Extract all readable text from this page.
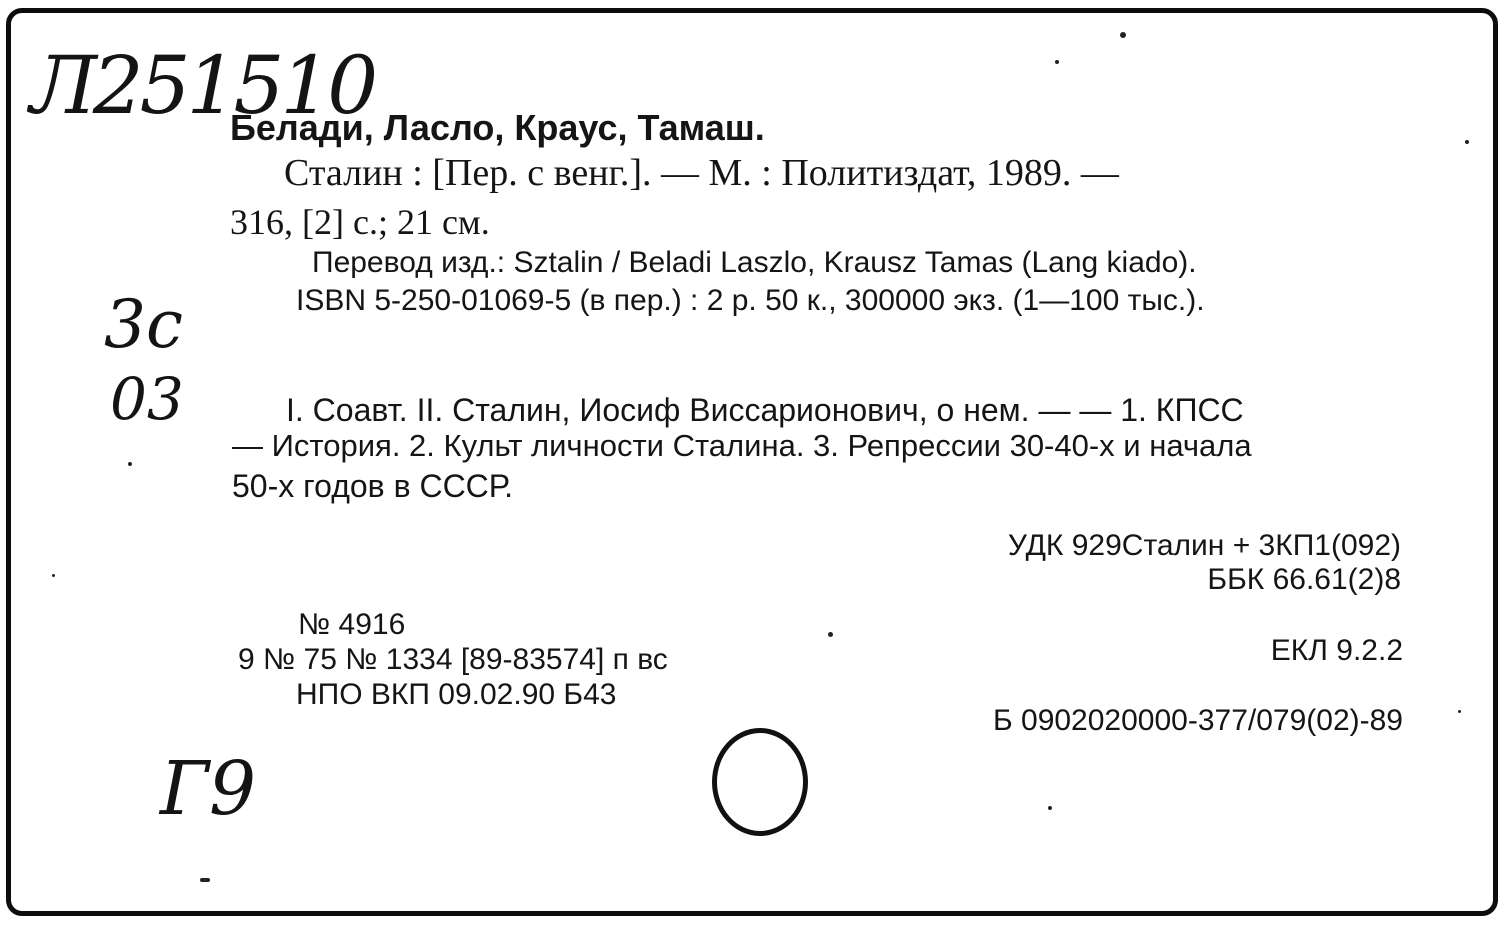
Л251510
3с
03
Г9
Белади, Ласло, Краус, Тамаш.
Сталин : [Пер. с венг.]. — М. : Политиздат, 1989. —
316, [2] с.; 21 см.
Перевод изд.: Sztalin / Beladi Laszlo, Krausz Tamas (Lang kiado).
ISBN 5-250-01069-5 (в пер.) : 2 р. 50 к., 300000 экз. (1—100 тыс.).
I. Соавт. II. Сталин, Иосиф Виссарионович, о нем. — — 1. КПСС
— История. 2. Культ личности Сталина. 3. Репрессии 30-40-х и начала
50-х годов в СССР.
УДК 929Сталин + 3КП1(092)
ББК 66.61(2)8
ЕКЛ 9.2.2
Б 0902020000-377/079(02)-89
№ 4916
9 № 75 № 1334 [89-83574] п вс
НПО ВКП 09.02.90 Б43
